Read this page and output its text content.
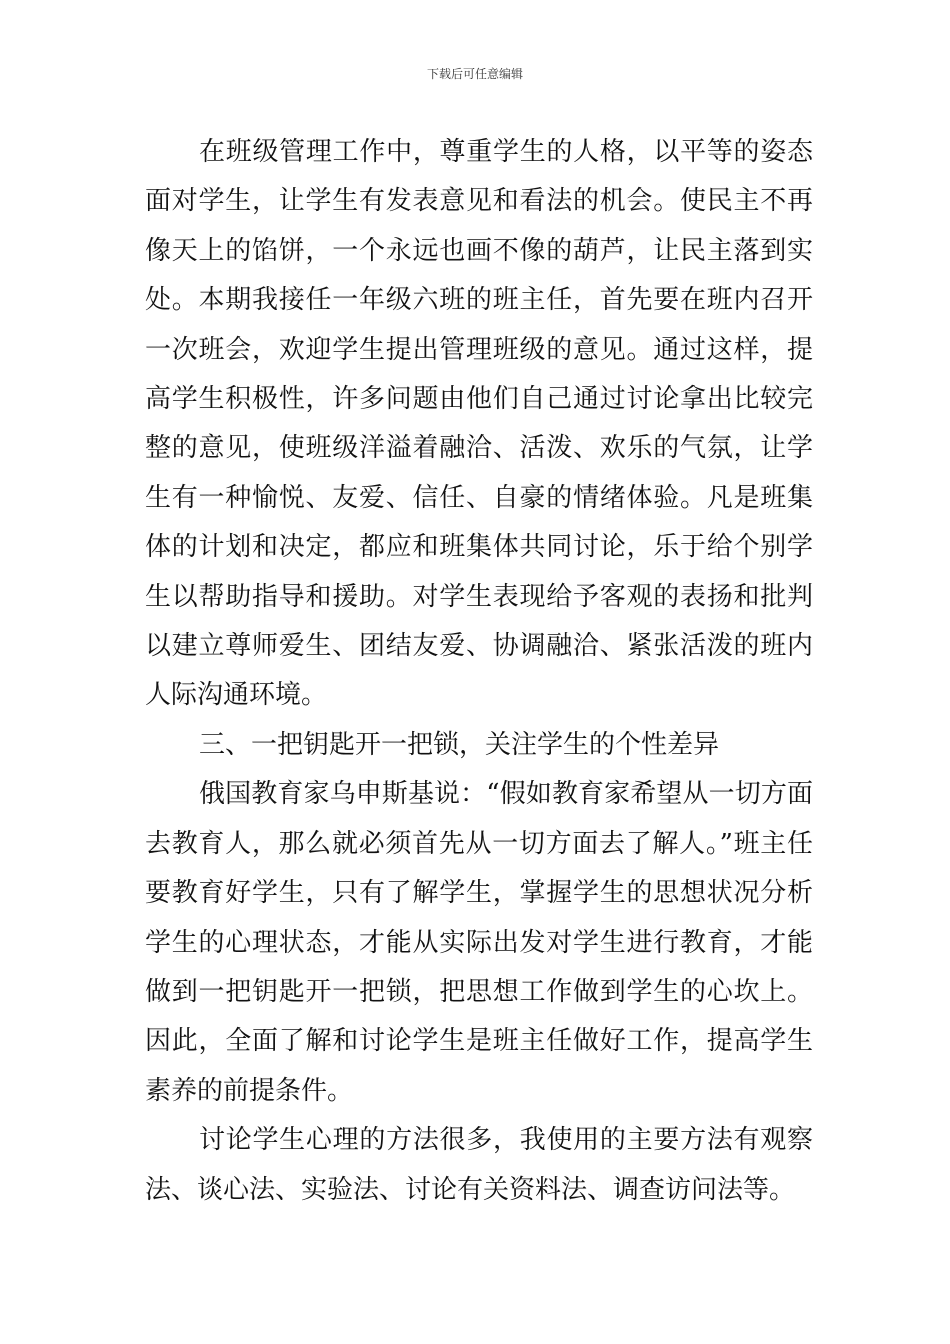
下载后可任意编辑

在班级管理工作中，尊重学生的人格，以平等的姿态面对学生，让学生有发表意见和看法的机会。使民主不再像天上的馅饼，一个永远也画不像的葫芦，让民主落到实处。本期我接任一年级六班的班主任，首先要在班内召开一次班会，欢迎学生提出管理班级的意见。通过这样，提高学生积极性，许多问题由他们自己通过讨论拿出比较完整的意见，使班级洋溢着融洽、活泼、欢乐的气氛，让学生有一种愉悦、友爱、信任、自豪的情绪体验。凡是班集体的计划和决定，都应和班集体共同讨论，乐于给个别学生以帮助指导和援助。对学生表现给予客观的表扬和批判以建立尊师爱生、团结友爱、协调融洽、紧张活泼的班内人际沟通环境。

三、一把钥匙开一把锁，关注学生的个性差异

俄国教育家乌申斯基说：“假如教育家希望从一切方面去教育人，那么就必须首先从一切方面去了解人。”班主任要教育好学生，只有了解学生，掌握学生的思想状况分析学生的心理状态，才能从实际出发对学生进行教育，才能做到一把钥匙开一把锁，把思想工作做到学生的心坎上。因此，全面了解和讨论学生是班主任做好工作，提高学生素养的前提条件。

讨论学生心理的方法很多，我使用的主要方法有观察法、谈心法、实验法、讨论有关资料法、调查访问法等。
